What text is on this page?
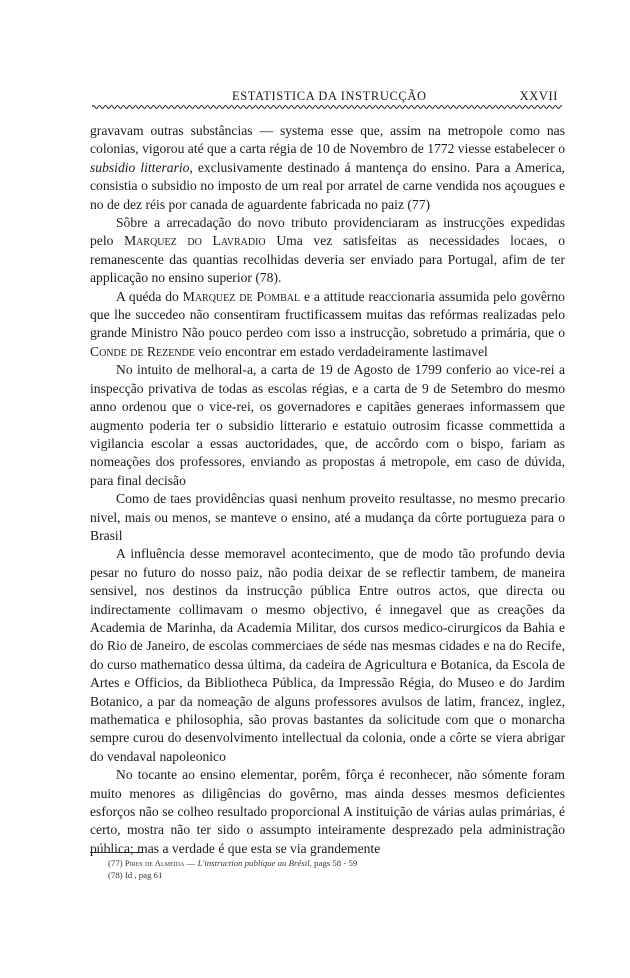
ESTATISTICA DA INSTRUCÇÃO	XXVII

gravavam outras substâncias — systema esse que, assim na metropole como nas colonias, vigorou até que a carta régia de 10 de Novembro de 1772 viesse estabelecer o subsidio litterario, exclusivamente destinado á mantença do ensino. Para a America, consistia o subsidio no imposto de um real por arratel de carne vendida nos açougues e no de dez réis por canada de aguardente fabricada no paiz (77)

Sôbre a arrecadação do novo tributo providenciaram as instrucções expedidas pelo Marquez do Lavradio Uma vez satisfeitas as necessidades locaes, o remanescente das quantias recolhidas deveria ser enviado para Portugal, afim de ter applicação no ensino superior (78).

A quéda do Marquez de Pombal e a attitude reaccionaria assumida pelo govêrno que lhe succedeo não consentiram fructificassem muitas das refórmas realizadas pelo grande Ministro Não pouco perdeo com isso a instrucção, sobretudo a primária, que o Conde de Rezende veio encontrar em estado verdadeiramente lastimavel

No intuito de melhoral-a, a carta de 19 de Agosto de 1799 conferio ao vice-rei a inspecção privativa de todas as escolas régias, e a carta de 9 de Setembro do mesmo anno ordenou que o vice-rei, os governadores e capitães generaes informassem que augmento poderia ter o subsidio litterario e estatuio outrosim ficasse commettida a vigilancia escolar a essas auctoridades, que, de accôrdo com o bispo, fariam as nomeações dos professores, enviando as propostas á metropole, em caso de dúvida, para final decisão

Como de taes providências quasi nenhum proveito resultasse, no mesmo precario nivel, mais ou menos, se manteve o ensino, até a mudança da côrte portugueza para o Brasil

A influência desse memoravel acontecimento, que de modo tão profundo devia pesar no futuro do nosso paiz, não podia deixar de se reflectir tambem, de maneira sensivel, nos destinos da instrucção pública Entre outros actos, que directa ou indirectamente collimavam o mesmo objectivo, é innegavel que as creações da Academia de Marinha, da Academia Militar, dos cursos medico-cirurgicos da Bahia e do Rio de Janeiro, de escolas commerciaes de séde nas mesmas cidades e na do Recife, do curso mathematico dessa última, da cadeira de Agricultura e Botanica, da Escola de Artes e Officios, da Bibliotheca Pública, da Impressão Régia, do Museo e do Jardim Botanico, a par da nomeação de alguns professores avulsos de latim, francez, inglez, mathematica e philosophia, são provas bastantes da solicitude com que o monarcha sempre curou do desenvolvimento intellectual da colonia, onde a côrte se viera abrigar do vendaval napoleonico

No tocante ao ensino elementar, porêm, fôrça é reconhecer, não sómente foram muito menores as diligências do govêrno, mas ainda desses mesmos deficientes esforços não se colheo resultado proporcional A instituição de várias aulas primárias, é certo, mostra não ter sido o assumpto inteiramente desprezado pela administração pública; mas a verdade é que esta se via grandemente

(77) Pires de Almeida — L'instruction publique au Brésil, pags 58 - 59
(78) Id , pag 61
